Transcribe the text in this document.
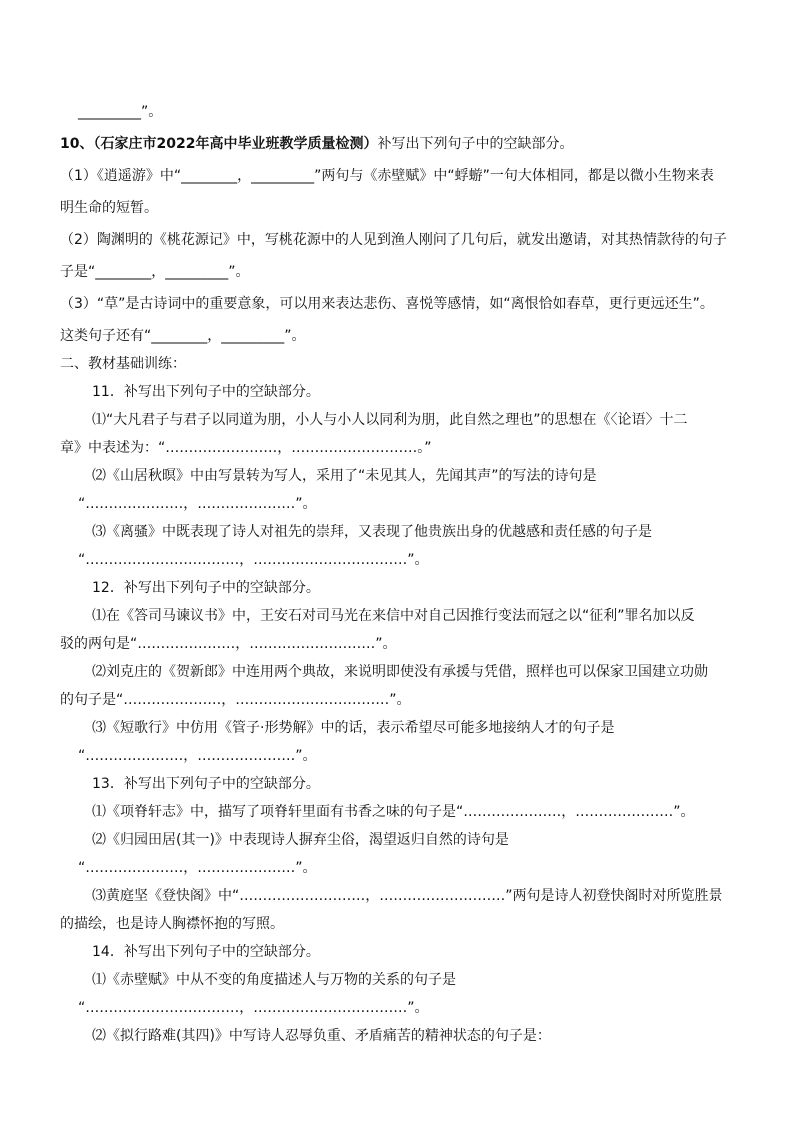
_________”。
10、（石家庄市2022年高中毕业班教学质量检测）补写出下列句子中的空缺部分。
（1）《逍遥游》中“________，_________”两句与《赤壁赋》中“蜉蝣”一句大体相同，都是以微小生物来表
明生命的短暂。
（2）陶渊明的《桃花源记》中，写桃花源中的人见到渔人刚问了几句后，就发出邀请，对其热情款待的句子
子是“________，_________”。
（3）“草”是古诗词中的重要意象，可以用来表达悲伤、喜悦等感情，如“离恨恰如春草，更行更远还生”。
这类句子还有“________，_________”。
二、教材基础训练：
11．补写出下列句子中的空缺部分。
⑴“大凡君子与君子以同道为朋，小人与小人以同利为朋，此自然之理也”的思想在《〈论语〉十二
章》中表述为：“……………………，………………………。”
⑵《山居秋暝》中由写景转为写人，采用了“未见其人，先闻其声”的写法的诗句是
“…………………，…………………”。
⑶《离骚》中既表现了诗人对祖先的崇拜，又表现了他贵族出身的优越感和责任感的句子是
“……………………………，……………………………”。
12．补写出下列句子中的空缺部分。
⑴在《答司马谏议书》中，王安石对司马光在来信中对自己因推行变法而冠之以“征利”罪名加以反
驳的两句是“…………………，………………………”。
⑵刘克庄的《贺新郎》中连用两个典故，来说明即使没有承援与凭借，照样也可以保家卫国建立功勋
的句子是“…………………，……………………………”。
⑶《短歌行》中仿用《管子·形势解》中的话，表示希望尽可能多地接纳人才的句子是
“…………………，…………………”。
13．补写出下列句子中的空缺部分。
⑴《项脊轩志》中，描写了项脊轩里面有书香之味的句子是“…………………，…………………”。
⑵《归园田居(其一)》中表现诗人摒弃尘俗，渴望返归自然的诗句是
“…………………，…………………”。
⑶黄庭坚《登快阁》中“………………………，………………………”两句是诗人初登快阁时对所览胜景
的描绘，也是诗人胸襟怀抱的写照。
14．补写出下列句子中的空缺部分。
⑴《赤壁赋》中从不变的角度描述人与万物的关系的句子是
“……………………………，……………………………”。
⑵《拟行路难(其四)》中写诗人忍辱负重、矛盾痛苦的精神状态的句子是：
